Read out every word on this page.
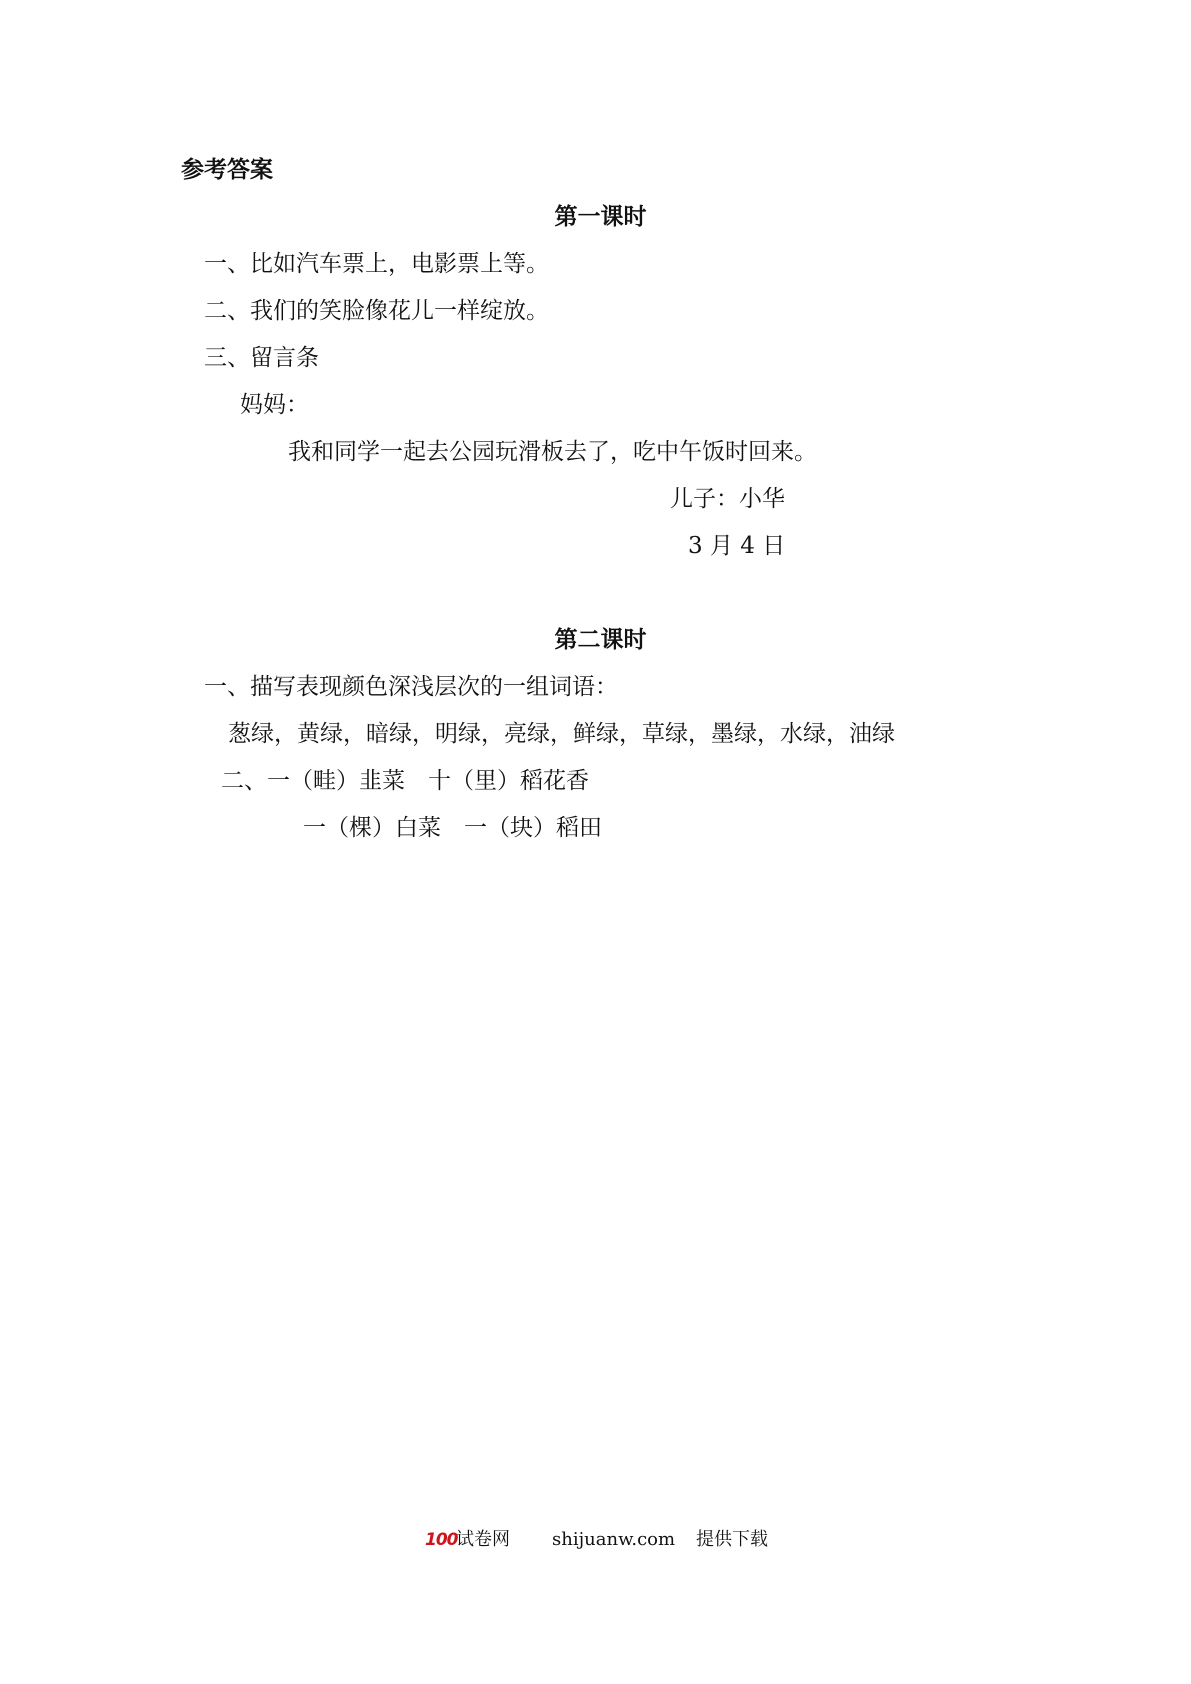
参考答案
第一课时
一、比如汽车票上，电影票上等。
二、我们的笑脸像花儿一样绽放。
三、留言条
妈妈：
我和同学一起去公园玩滑板去了，吃中午饭时回来。
儿子：小华
3 月 4 日
第二课时
一、描写表现颜色深浅层次的一组词语：
葱绿，黄绿，暗绿，明绿，亮绿，鲜绿，草绿，墨绿，水绿，油绿
二、一（畦）韭菜　十（里）稻花香
一（棵）白菜　一（块）稻田
100
试卷网 shijuanw.com 提供下载
